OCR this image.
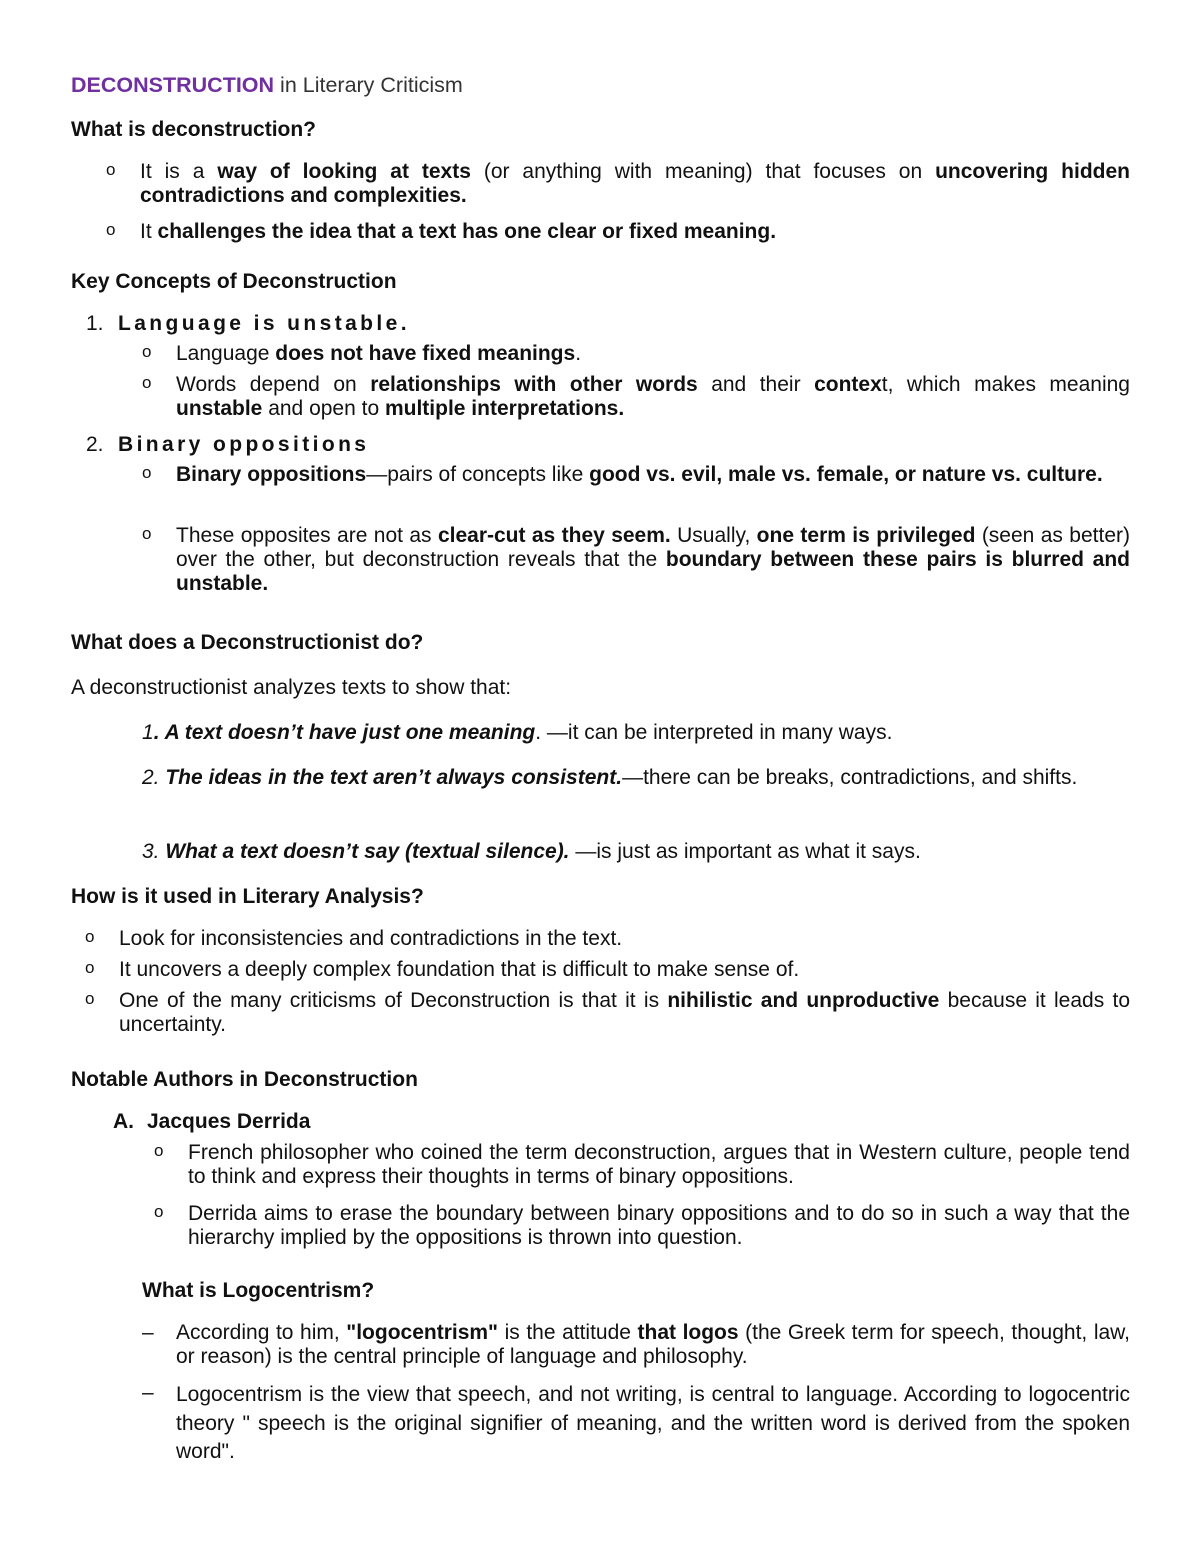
DECONSTRUCTION in Literary Criticism
What is deconstruction?
o It is a way of looking at texts (or anything with meaning) that focuses on uncovering hidden contradictions and complexities.
o It challenges the idea that a text has one clear or fixed meaning.
Key Concepts of Deconstruction
1. Language is unstable.
o Language does not have fixed meanings.
o Words depend on relationships with other words and their context, which makes meaning unstable and open to multiple interpretations.
2. Binary oppositions
o Binary oppositions—pairs of concepts like good vs. evil, male vs. female, or nature vs. culture.
o These opposites are not as clear-cut as they seem. Usually, one term is privileged (seen as better) over the other, but deconstruction reveals that the boundary between these pairs is blurred and unstable.
What does a Deconstructionist do?

A deconstructionist analyzes texts to show that:

1. A text doesn’t have just one meaning. —it can be interpreted in many ways.

2. The ideas in the text aren’t always consistent.—there can be breaks, contradictions, and shifts.

3. What a text doesn’t say (textual silence). —is just as important as what it says.

How is it used in Literary Analysis?
o Look for inconsistencies and contradictions in the text.
o It uncovers a deeply complex foundation that is difficult to make sense of.
o One of the many criticisms of Deconstruction is that it is nihilistic and unproductive because it leads to uncertainty.
Notable Authors in Deconstruction
A. Jacques Derrida
o French philosopher who coined the term deconstruction, argues that in Western culture, people tend to think and express their thoughts in terms of binary oppositions.
o Derrida aims to erase the boundary between binary oppositions and to do so in such a way that the hierarchy implied by the oppositions is thrown into question.
What is Logocentrism?
– According to him, "logocentrism" is the attitude that logos (the Greek term for speech, thought, law, or reason) is the central principle of language and philosophy.
– Logocentrism is the view that speech, and not writing, is central to language. According to logocentric theory " speech is the original signifier of meaning, and the written word is derived from the spoken word".
